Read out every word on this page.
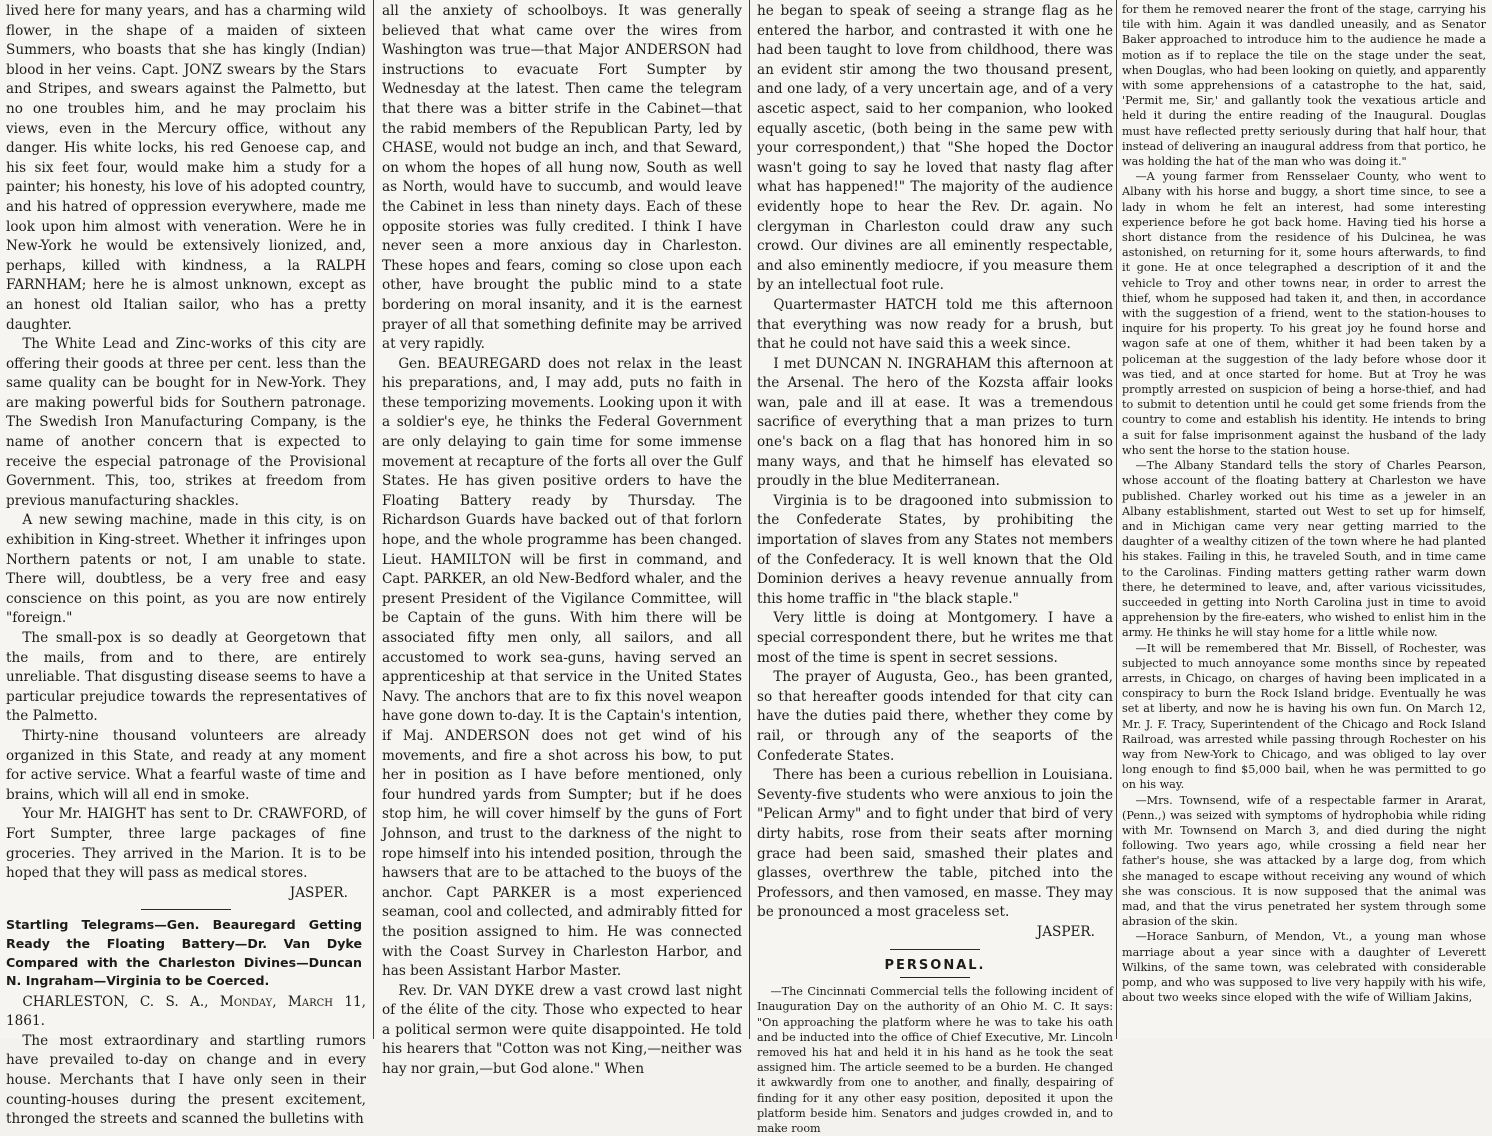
lived here for many years, and has a charming wild flower, in the shape of a maiden of sixteen Summers, who boasts that she has kingly (Indian) blood in her veins. Capt. JONZ swears by the Stars and Stripes, and swears against the Palmetto, but no one troubles him, and he may proclaim his views, even in the Mercury office, without any danger. His white locks, his red Genoese cap, and his six feet four, would make him a study for a painter; his honesty, his love of his adopted country, and his hatred of oppression everywhere, made me look upon him almost with veneration. Were he in New-York he would be extensively lionized, and, perhaps, killed with kindness, a la RALPH FARNHAM; here he is almost unknown, except as an honest old Italian sailor, who has a pretty daughter.

The White Lead and Zinc-works of this city are offering their goods at three per cent. less than the same quality can be bought for in New-York. They are making powerful bids for Southern patronage. The Swedish Iron Manufacturing Company, is the name of another concern that is expected to receive the especial patronage of the Provisional Government. This, too, strikes at freedom from previous manufacturing shackles.

A new sewing machine, made in this city, is on exhibition in King-street. Whether it infringes upon Northern patents or not, I am unable to state. There will, doubtless, be a very free and easy conscience on this point, as you are now entirely "foreign."

The small-pox is so deadly at Georgetown that the mails, from and to there, are entirely unreliable. That disgusting disease seems to have a particular prejudice towards the representatives of the Palmetto.

Thirty-nine thousand volunteers are already organized in this State, and ready at any moment for active service. What a fearful waste of time and brains, which will all end in smoke.

Your Mr. HAIGHT has sent to Dr. CRAWFORD, of Fort Sumpter, three large packages of fine groceries. They arrived in the Marion. It is to be hoped that they will pass as medical stores.

JASPER.

Startling Telegrams—Gen. Beauregard Getting Ready the Floating Battery—Dr. Van Dyke Compared with the Charleston Divines—Duncan N. Ingraham—Virginia to be Coerced.

CHARLESTON, C. S. A., Monday, March 11, 1861.

The most extraordinary and startling rumors have prevailed to-day on change and in every house. Merchants that I have only seen in their counting-houses during the present excitement, thronged the streets and scanned the bulletins with

all the anxiety of schoolboys. It was generally believed that what came over the wires from Washington was true—that Major ANDERSON had instructions to evacuate Fort Sumpter by Wednesday at the latest. Then came the telegram that there was a bitter strife in the Cabinet—that the rabid members of the Republican Party, led by CHASE, would not budge an inch, and that Seward, on whom the hopes of all hung now, South as well as North, would have to succumb, and would leave the Cabinet in less than ninety days. Each of these opposite stories was fully credited. I think I have never seen a more anxious day in Charleston. These hopes and fears, coming so close upon each other, have brought the public mind to a state bordering on moral insanity, and it is the earnest prayer of all that something definite may be arrived at very rapidly.

Gen. BEAUREGARD does not relax in the least his preparations, and, I may add, puts no faith in these temporizing movements. Looking upon it with a soldier's eye, he thinks the Federal Government are only delaying to gain time for some immense movement at recapture of the forts all over the Gulf States. He has given positive orders to have the Floating Battery ready by Thursday. The Richardson Guards have backed out of that forlorn hope, and the whole programme has been changed. Lieut. HAMILTON will be first in command, and Capt. PARKER, an old New-Bedford whaler, and the present President of the Vigilance Committee, will be Captain of the guns. With him there will be associated fifty men only, all sailors, and all accustomed to work sea-guns, having served an apprenticeship at that service in the United States Navy. The anchors that are to fix this novel weapon have gone down to-day. It is the Captain's intention, if Maj. ANDERSON does not get wind of his movements, and fire a shot across his bow, to put her in position as I have before mentioned, only four hundred yards from Sumpter; but if he does stop him, he will cover himself by the guns of Fort Johnson, and trust to the darkness of the night to rope himself into his intended position, through the hawsers that are to be attached to the buoys of the anchor. Capt PARKER is a most experienced seaman, cool and collected, and admirably fitted for the position assigned to him. He was connected with the Coast Survey in Charleston Harbor, and has been Assistant Harbor Master.

Rev. Dr. VAN DYKE drew a vast crowd last night of the élite of the city. Those who expected to hear a political sermon were quite disappointed. He told his hearers that "Cotton was not King,—neither was hay nor grain,—but God alone." When

he began to speak of seeing a strange flag as he entered the harbor, and contrasted it with one he had been taught to love from childhood, there was an evident stir among the two thousand present, and one lady, of a very uncertain age, and of a very ascetic aspect, said to her companion, who looked equally ascetic, (both being in the same pew with your correspondent,) that "She hoped the Doctor wasn't going to say he loved that nasty flag after what has happened!" The majority of the audience evidently hope to hear the Rev. Dr. again. No clergyman in Charleston could draw any such crowd. Our divines are all eminently respectable, and also eminently mediocre, if you measure them by an intellectual foot rule.

Quartermaster HATCH told me this afternoon that everything was now ready for a brush, but that he could not have said this a week since.

I met DUNCAN N. INGRAHAM this afternoon at the Arsenal. The hero of the Kozsta affair looks wan, pale and ill at ease. It was a tremendous sacrifice of everything that a man prizes to turn one's back on a flag that has honored him in so many ways, and that he himself has elevated so proudly in the blue Mediterranean.

Virginia is to be dragooned into submission to the Confederate States, by prohibiting the importation of slaves from any States not members of the Confederacy. It is well known that the Old Dominion derives a heavy revenue annually from this home traffic in "the black staple."

Very little is doing at Montgomery. I have a special correspondent there, but he writes me that most of the time is spent in secret sessions.

The prayer of Augusta, Geo., has been granted, so that hereafter goods intended for that city can have the duties paid there, whether they come by rail, or through any of the seaports of the Confederate States.

There has been a curious rebellion in Louisiana. Seventy-five students who were anxious to join the "Pelican Army" and to fight under that bird of very dirty habits, rose from their seats after morning grace had been said, smashed their plates and glasses, overthrew the table, pitched into the Professors, and then vamosed, en masse. They may be pronounced a most graceless set.

JASPER.

PERSONAL.

—The Cincinnati Commercial tells the following incident of Inauguration Day on the authority of an Ohio M. C. It says: "On approaching the platform where he was to take his oath and be inducted into the office of Chief Executive, Mr. Lincoln removed his hat and held it in his hand as he took the seat assigned him. The article seemed to be a burden. He changed it awkwardly from one to another, and finally, despairing of finding for it any other easy position, deposited it upon the platform beside him. Senators and judges crowded in, and to make room

for them he removed nearer the front of the stage, carrying his tile with him. Again it was dandled uneasily, and as Senator Baker approached to introduce him to the audience he made a motion as if to replace the tile on the stage under the seat, when Douglas, who had been looking on quietly, and apparently with some apprehensions of a catastrophe to the hat, said, 'Permit me, Sir,' and gallantly took the vexatious article and held it during the entire reading of the Inaugural. Douglas must have reflected pretty seriously during that half hour, that instead of delivering an inaugural address from that portico, he was holding the hat of the man who was doing it."

—A young farmer from Rensselaer County, who went to Albany with his horse and buggy, a short time since, to see a lady in whom he felt an interest, had some interesting experience before he got back home. Having tied his horse a short distance from the residence of his Dulcinea, he was astonished, on returning for it, some hours afterwards, to find it gone. He at once telegraphed a description of it and the vehicle to Troy and other towns near, in order to arrest the thief, whom he supposed had taken it, and then, in accordance with the suggestion of a friend, went to the station-houses to inquire for his property. To his great joy he found horse and wagon safe at one of them, whither it had been taken by a policeman at the suggestion of the lady before whose door it was tied, and at once started for home. But at Troy he was promptly arrested on suspicion of being a horse-thief, and had to submit to detention until he could get some friends from the country to come and establish his identity. He intends to bring a suit for false imprisonment against the husband of the lady who sent the horse to the station house.

—The Albany Standard tells the story of Charles Pearson, whose account of the floating battery at Charleston we have published. Charley worked out his time as a jeweler in an Albany establishment, started out West to set up for himself, and in Michigan came very near getting married to the daughter of a wealthy citizen of the town where he had planted his stakes. Failing in this, he traveled South, and in time came to the Carolinas. Finding matters getting rather warm down there, he determined to leave, and, after various vicissitudes, succeeded in getting into North Carolina just in time to avoid apprehension by the fire-eaters, who wished to enlist him in the army. He thinks he will stay home for a little while now.

—It will be remembered that Mr. Bissell, of Rochester, was subjected to much annoyance some months since by repeated arrests, in Chicago, on charges of having been implicated in a conspiracy to burn the Rock Island bridge. Eventually he was set at liberty, and now he is having his own fun. On March 12, Mr. J. F. Tracy, Superintendent of the Chicago and Rock Island Railroad, was arrested while passing through Rochester on his way from New-York to Chicago, and was obliged to lay over long enough to find $5,000 bail, when he was permitted to go on his way.

—Mrs. Townsend, wife of a respectable farmer in Ararat, (Penn.,) was seized with symptoms of hydrophobia while riding with Mr. Townsend on March 3, and died during the night following. Two years ago, while crossing a field near her father's house, she was attacked by a large dog, from which she managed to escape without receiving any wound of which she was conscious. It is now supposed that the animal was mad, and that the virus penetrated her system through some abrasion of the skin.

—Horace Sanburn, of Mendon, Vt., a young man whose marriage about a year since with a daughter of Leverett Wilkins, of the same town, was celebrated with considerable pomp, and who was supposed to live very happily with his wife, about two weeks since eloped with the wife of William Jakins,
